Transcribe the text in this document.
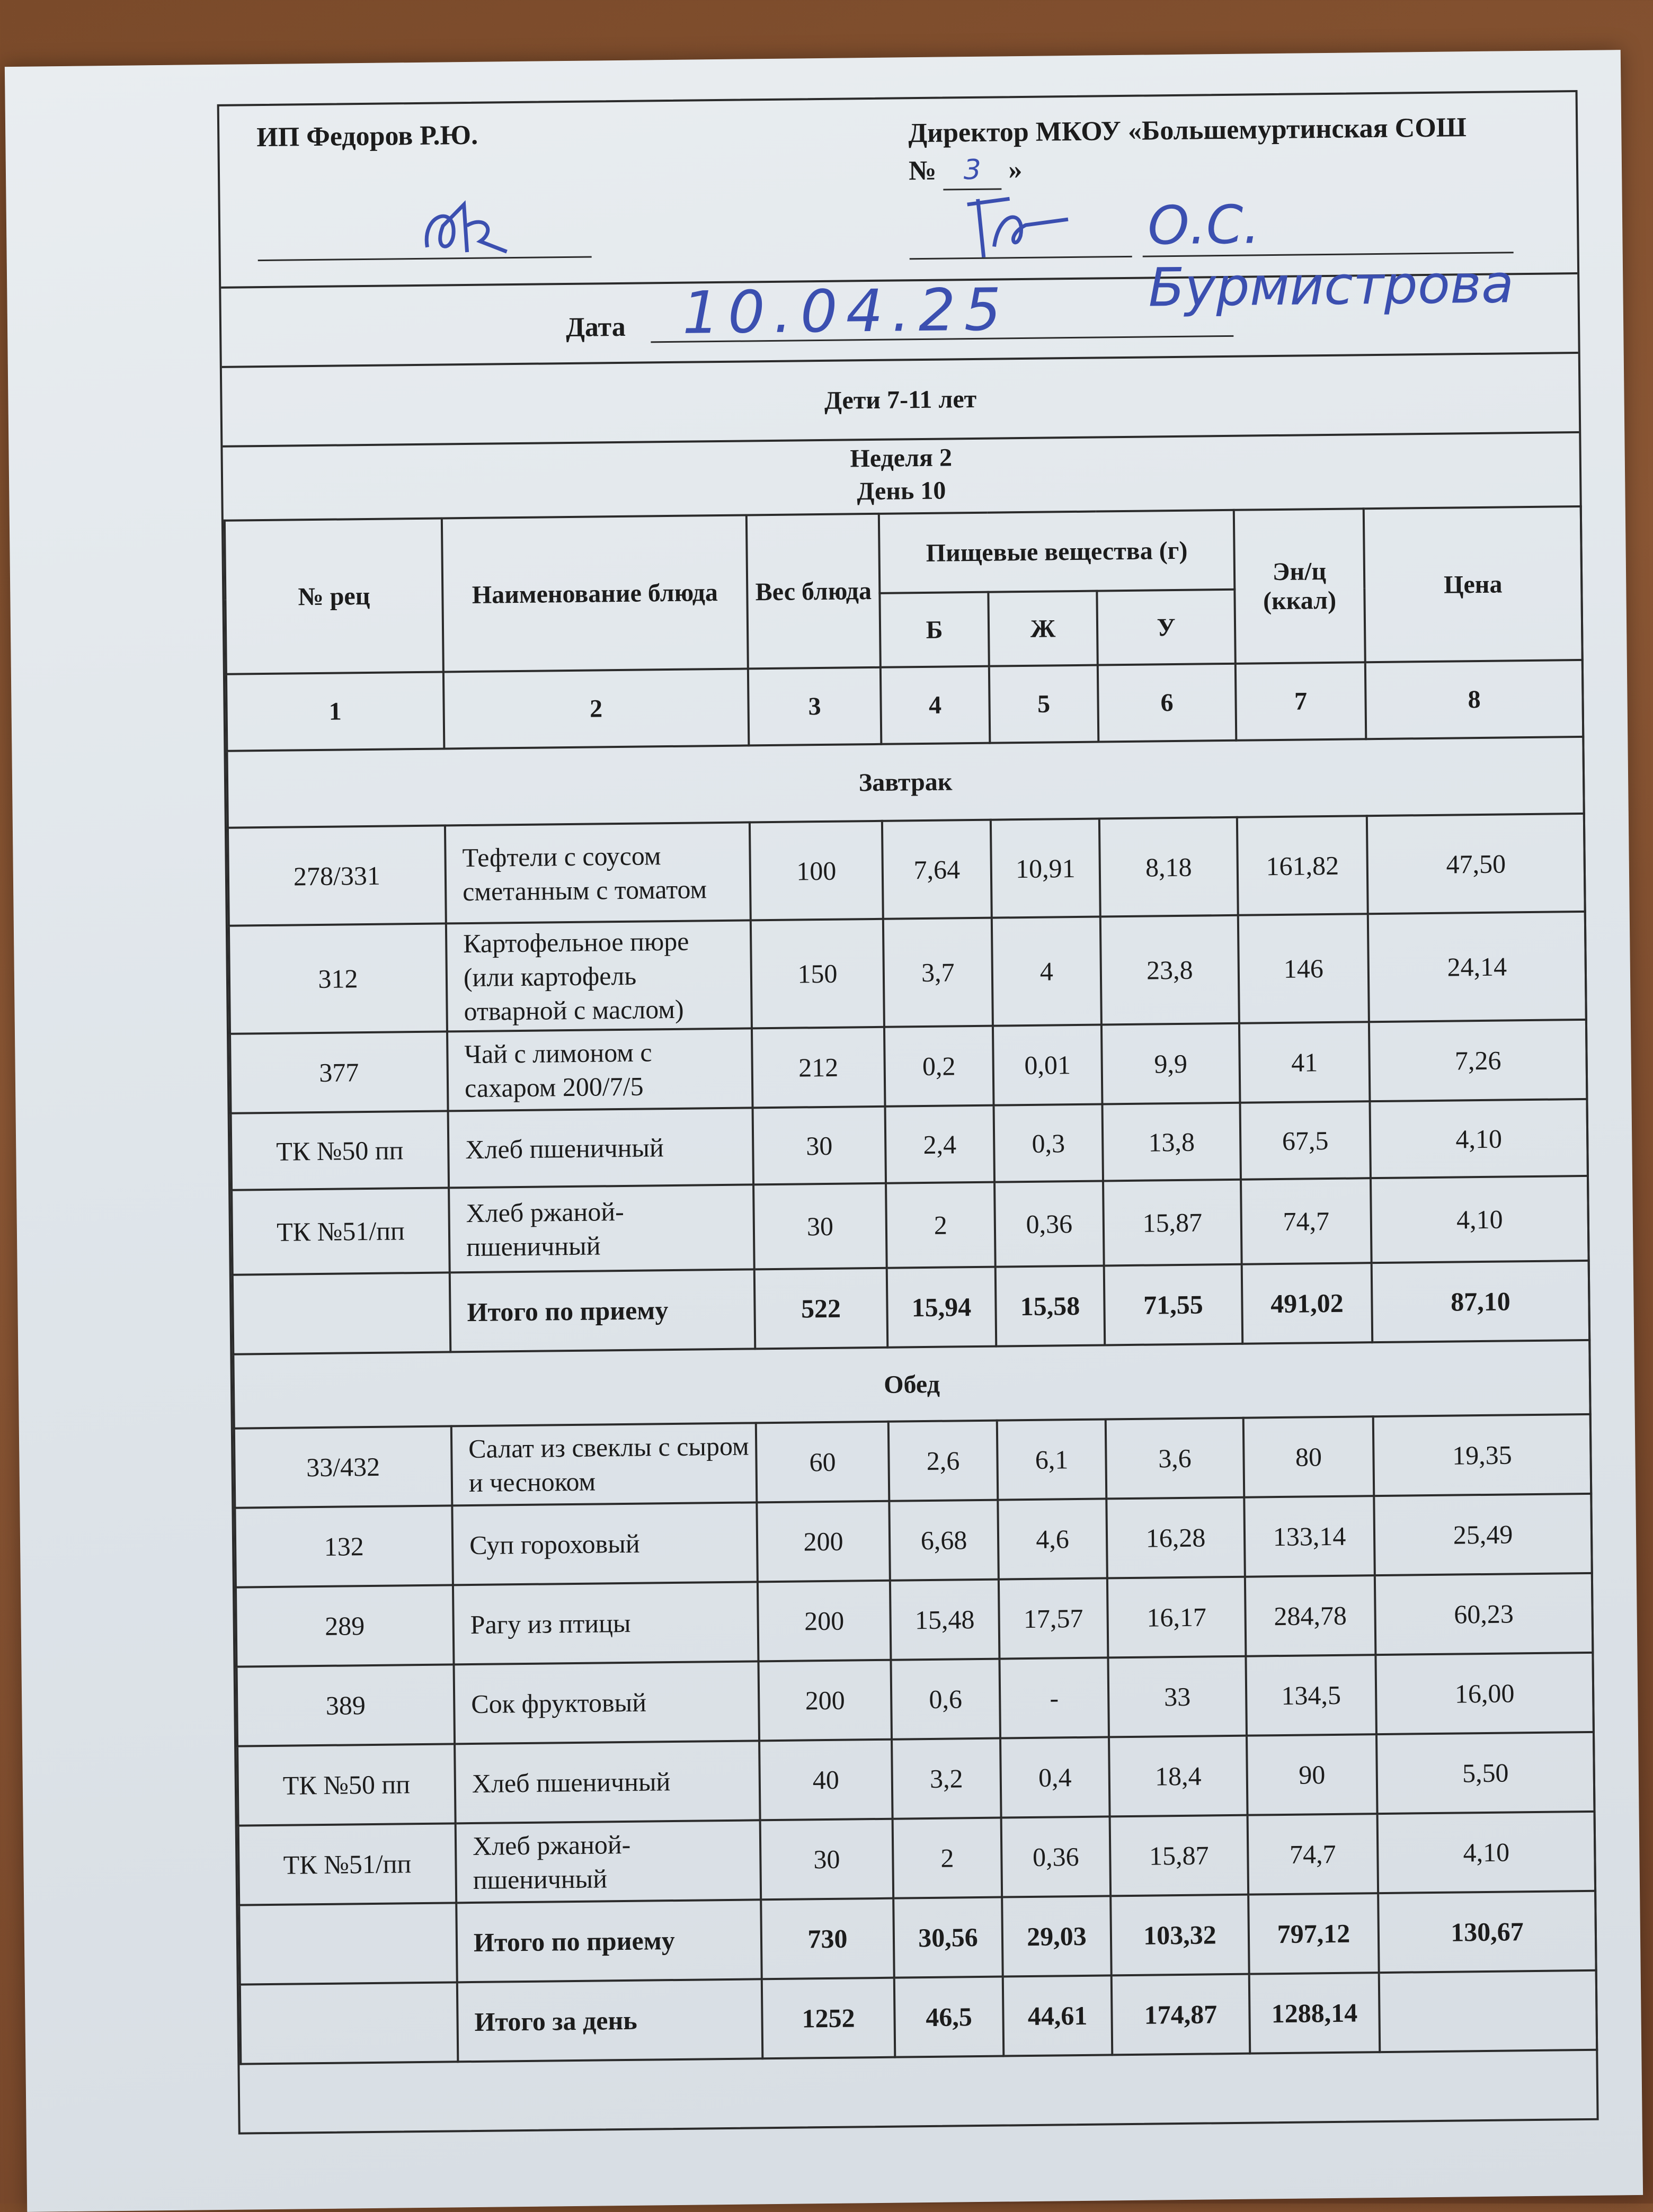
ИП Федоров Р.Ю.	Директор МКОУ «Большемуртинская СОШ
№ 3 »
О.С. Бурмистрова
Дата 10.04.25
Дети 7-11 лет
Неделя 2
День 10
№ рец	Наименование блюда	Вес блюда	Пищевые вещества (г)			Эн/ц (ккал)	Цена
			Б	Ж	У		
1	2	3	4	5	6	7	8
Завтрак							
278/331	Тефтели с соусом сметанным с томатом	100	7,64	10,91	8,18	161,82	47,50
312	Картофельное пюре (или картофель отварной с маслом)	150	3,7	4	23,8	146	24,14
377	Чай с лимоном с сахаром 200/7/5	212	0,2	0,01	9,9	41	7,26
ТК №50 пп	Хлеб пшеничный	30	2,4	0,3	13,8	67,5	4,10
ТК №51/пп	Хлеб ржаной-пшеничный	30	2	0,36	15,87	74,7	4,10
	Итого по приему	522	15,94	15,58	71,55	491,02	87,10
Обед							
33/432	Салат из свеклы с сыром и чесноком	60	2,6	6,1	3,6	80	19,35
132	Суп гороховый	200	6,68	4,6	16,28	133,14	25,49
289	Рагу из птицы	200	15,48	17,57	16,17	284,78	60,23
389	Сок фруктовый	200	0,6	-	33	134,5	16,00
ТК №50 пп	Хлеб пшеничный	40	3,2	0,4	18,4	90	5,50
ТК №51/пп	Хлеб ржаной-пшеничный	30	2	0,36	15,87	74,7	4,10
	Итого по приему	730	30,56	29,03	103,32	797,12	130,67
	Итого за день	1252	46,5	44,61	174,87	1288,14	
